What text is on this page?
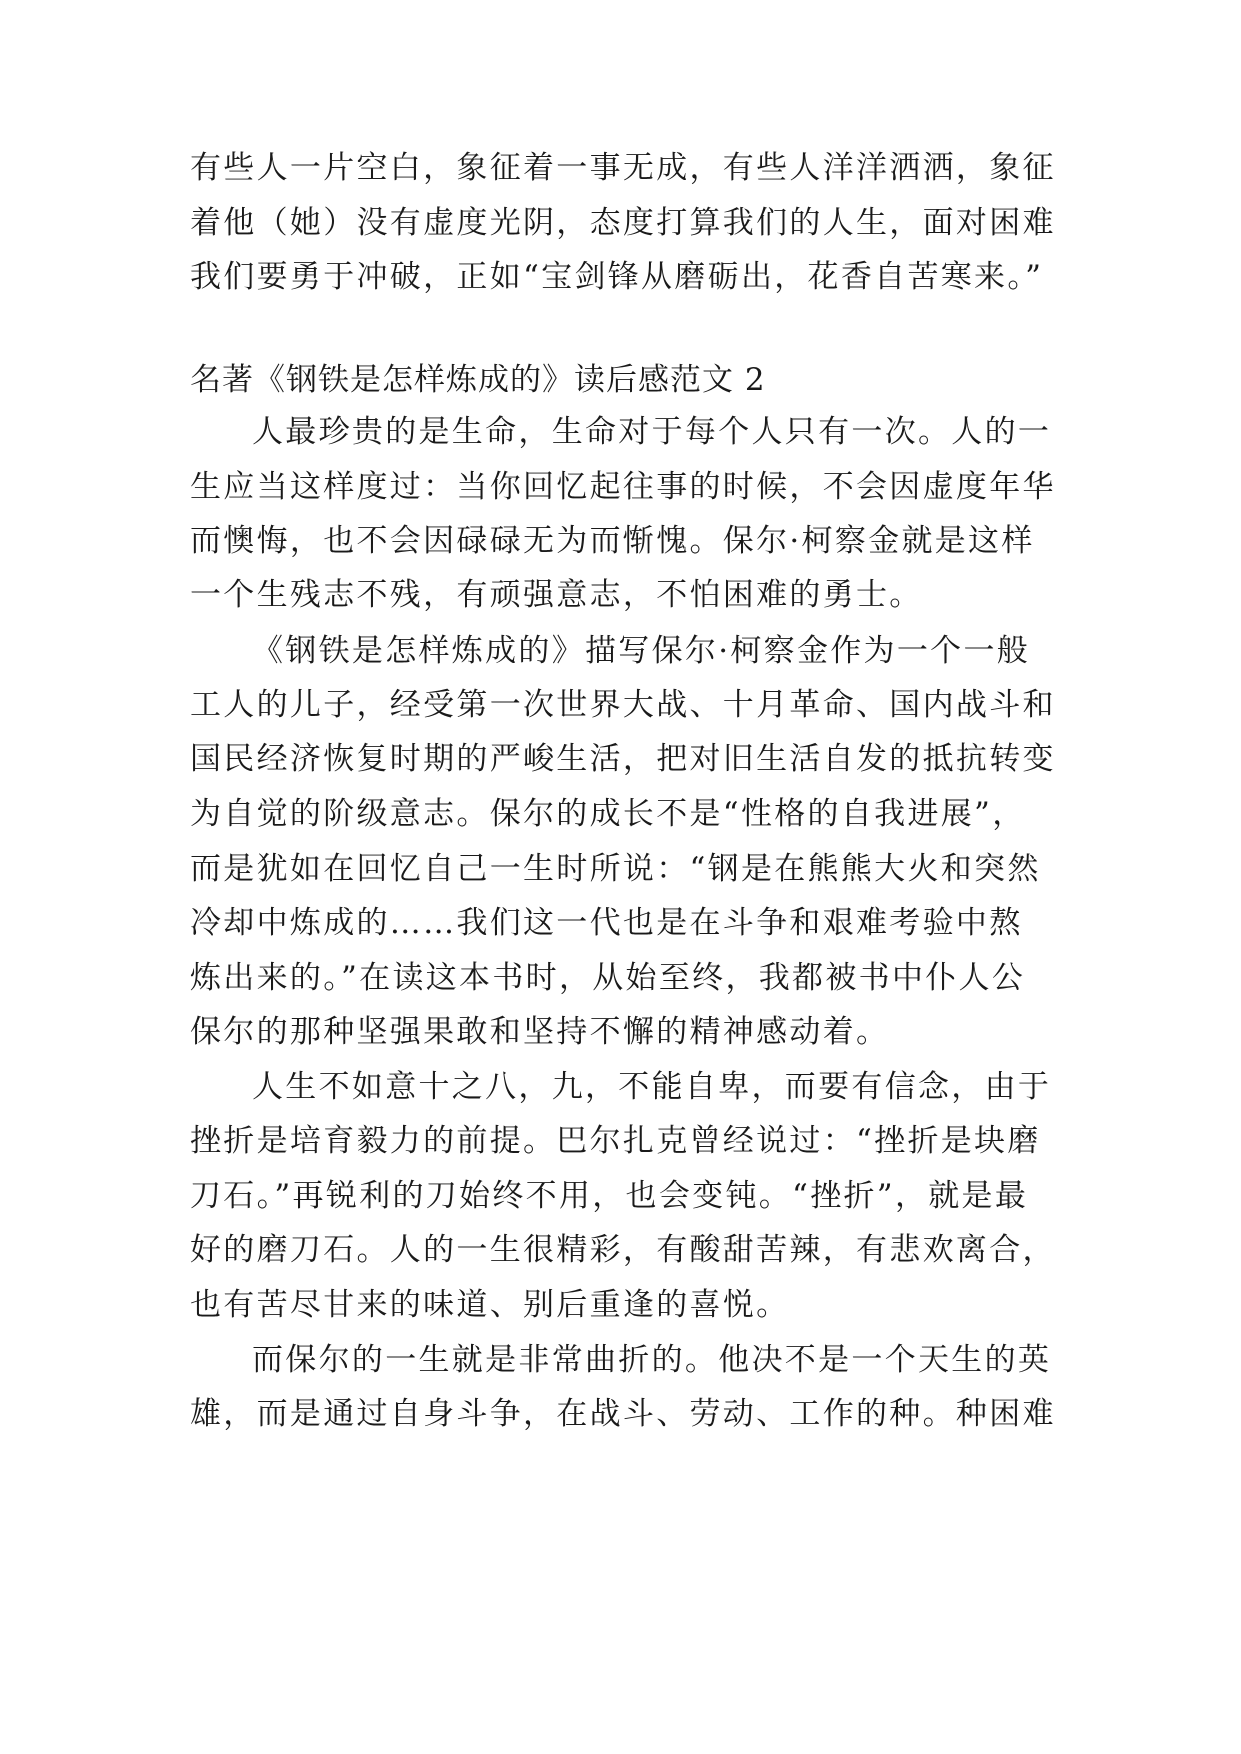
有些人一片空白，象征着一事无成，有些人洋洋洒洒，象征
着他（她）没有虚度光阴，态度打算我们的人生，面对困难
我们要勇于冲破，正如“宝剑锋从磨砺出，花香自苦寒来。”
名著《钢铁是怎样炼成的》读后感范文 2
人最珍贵的是生命，生命对于每个人只有一次。人的一
生应当这样度过：当你回忆起往事的时候，不会因虚度年华
而懊悔，也不会因碌碌无为而惭愧。保尔·柯察金就是这样
一个生残志不残，有顽强意志，不怕困难的勇士。
《钢铁是怎样炼成的》描写保尔·柯察金作为一个一般
工人的儿子，经受第一次世界大战、十月革命、国内战斗和
国民经济恢复时期的严峻生活，把对旧生活自发的抵抗转变
为自觉的阶级意志。保尔的成长不是“性格的自我进展”，
而是犹如在回忆自己一生时所说：“钢是在熊熊大火和突然
冷却中炼成的……我们这一代也是在斗争和艰难考验中熬
炼出来的。”在读这本书时，从始至终，我都被书中仆人公
保尔的那种坚强果敢和坚持不懈的精神感动着。
人生不如意十之八，九，不能自卑，而要有信念，由于
挫折是培育毅力的前提。巴尔扎克曾经说过：“挫折是块磨
刀石。”再锐利的刀始终不用，也会变钝。“挫折”，就是最
好的磨刀石。人的一生很精彩，有酸甜苦辣，有悲欢离合，
也有苦尽甘来的味道、别后重逢的喜悦。
而保尔的一生就是非常曲折的。他决不是一个天生的英
雄，而是通过自身斗争，在战斗、劳动、工作的种。种困难
